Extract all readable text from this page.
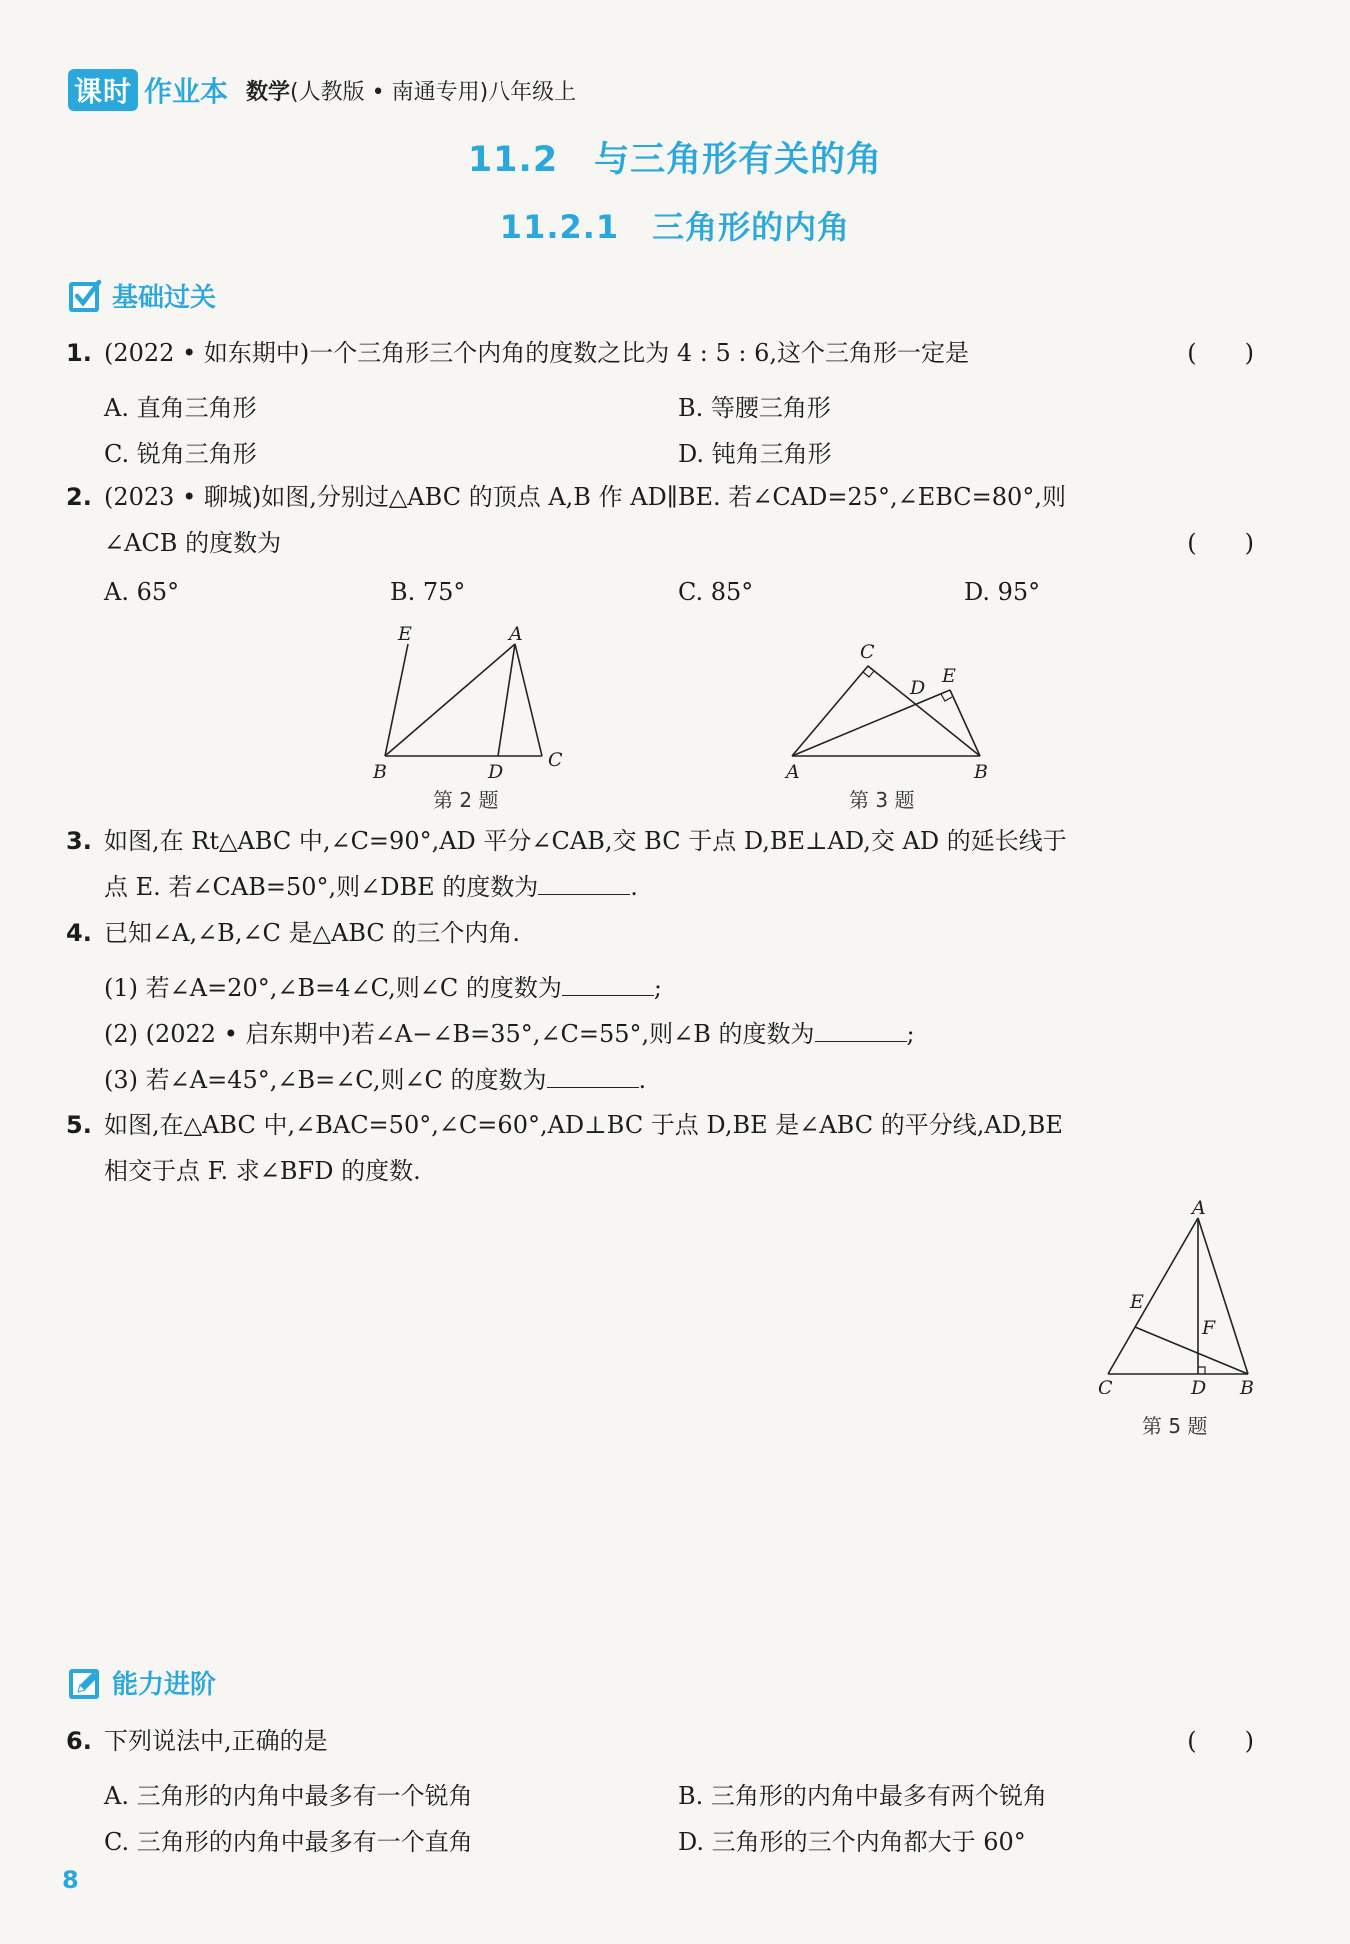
课时 作业本 数学(人教版 • 南通专用)八年级上
11.2　与三角形有关的角
11.2.1　三角形的内角
基础过关
1. (2022 • 如东期中)一个三角形三个内角的度数之比为 4 : 5 : 6,这个三角形一定是	(　　)
A. 直角三角形	B. 等腰三角形
C. 锐角三角形	D. 钝角三角形
2. (2023 • 聊城)如图,分别过△ABC 的顶点 A,B 作 AD∥BE. 若∠CAD=25°,∠EBC=80°,则
∠ACB 的度数为	(　　)
A. 65°	B. 75°	C. 85°	D. 95°
E	A
B	D
C
第 2 题
C
D
E
A	B
第 3 题
3. 如图,在 Rt△ABC 中,∠C=90°,AD 平分∠CAB,交 BC 于点 D,BE⊥AD,交 AD 的延长线于
点 E. 若∠CAB=50°,则∠DBE 的度数为	.
4. 已知∠A,∠B,∠C 是△ABC 的三个内角.
(1) 若∠A=20°,∠B=4∠C,则∠C 的度数为	;
(2) (2022 • 启东期中)若∠A−∠B=35°,∠C=55°,则∠B 的度数为	;
(3) 若∠A=45°,∠B=∠C,则∠C 的度数为	.
5. 如图,在△ABC 中,∠BAC=50°,∠C=60°,AD⊥BC 于点 D,BE 是∠ABC 的平分线,AD,BE
相交于点 F. 求∠BFD 的度数.
A
E
F
C	D B
第 5 题
能力进阶
6. 下列说法中,正确的是	(　　)
A. 三角形的内角中最多有一个锐角	B. 三角形的内角中最多有两个锐角
C. 三角形的内角中最多有一个直角	D. 三角形的三个内角都大于 60°
8
